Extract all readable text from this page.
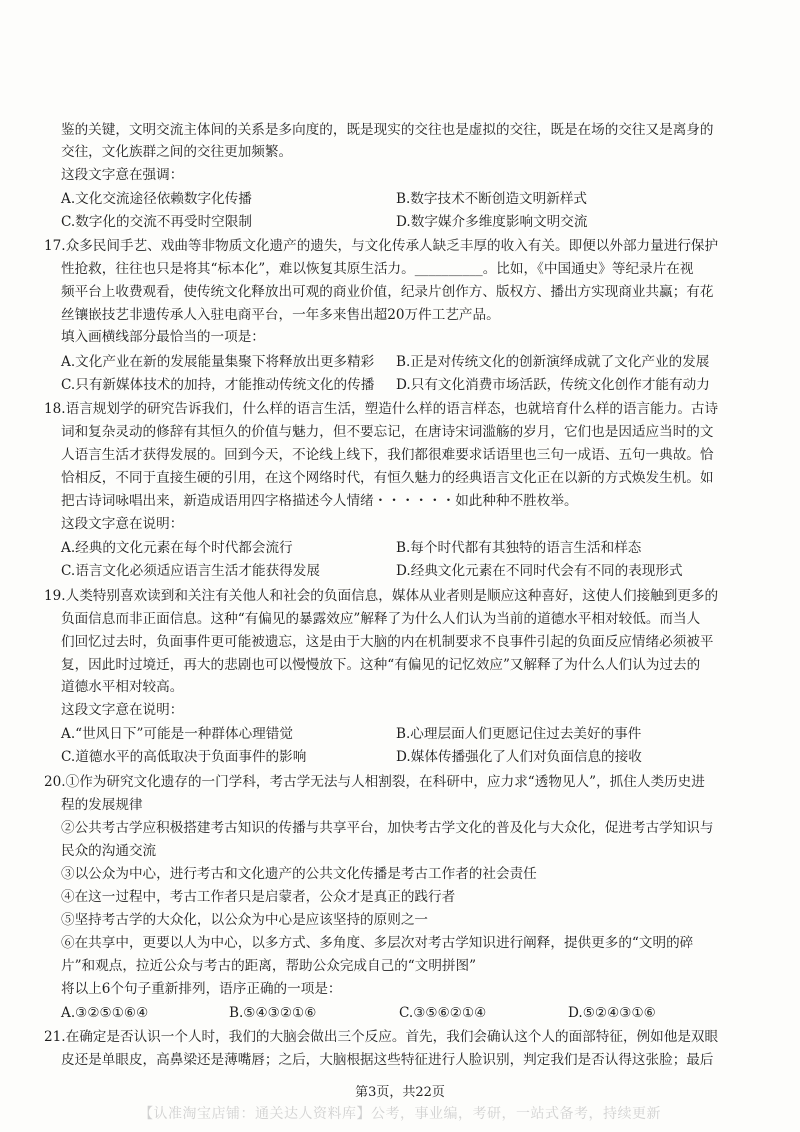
鉴的关键，文明交流主体间的关系是多向度的，既是现实的交往也是虚拟的交往，既是在场的交往又是离身的
交往，文化族群之间的交往更加频繁。
这段文字意在强调：
A.文化交流途径依赖数字化传播	B.数字技术不断创造文明新样式
C.数字化的交流不再受时空限制	D.数字媒介多维度影响文明交流
17.众多民间手艺、戏曲等非物质文化遗产的遗失，与文化传承人缺乏丰厚的收入有关。即便以外部力量进行保护
性抢救，往往也只是将其“标本化”，难以恢复其原生活力。__________。比如，《中国通史》等纪录片在视
频平台上收费观看，使传统文化释放出可观的商业价值，纪录片创作方、版权方、播出方实现商业共赢；有花
丝镶嵌技艺非遗传承人入驻电商平台，一年多来售出超20万件工艺产品。
填入画横线部分最恰当的一项是：
A.文化产业在新的发展能量集聚下将释放出更多精彩 B.正是对传统文化的创新演绎成就了文化产业的发展
C.只有新媒体技术的加持，才能推动传统文化的传播 D.只有文化消费市场活跃，传统文化创作才能有动力
18.语言规划学的研究告诉我们，什么样的语言生活，塑造什么样的语言样态，也就培育什么样的语言能力。古诗
词和复杂灵动的修辞有其恒久的价值与魅力，但不要忘记，在唐诗宋词滥觞的岁月，它们也是因适应当时的文
人语言生活才获得发展的。回到今天，不论线上线下，我们都很难要求话语里也三句一成语、五句一典故。恰
恰相反，不同于直接生硬的引用，在这个网络时代，有恒久魅力的经典语言文化正在以新的方式焕发生机。如
把古诗词咏唱出来，新造成语用四字格描述今人情绪・・・・・・如此种种不胜枚举。
这段文字意在说明：
A.经典的文化元素在每个时代都会流行	B.每个时代都有其独特的语言生活和样态
C.语言文化必须适应语言生活才能获得发展	D.经典文化元素在不同时代会有不同的表现形式
19.人类特别喜欢读到和关注有关他人和社会的负面信息，媒体从业者则是顺应这种喜好，这使人们接触到更多的
负面信息而非正面信息。这种“有偏见的暴露效应”解释了为什么人们认为当前的道德水平相对较低。而当人
们回忆过去时，负面事件更可能被遗忘，这是由于大脑的内在机制要求不良事件引起的负面反应情绪必须被平
复，因此时过境迁，再大的悲剧也可以慢慢放下。这种“有偏见的记忆效应”又解释了为什么人们认为过去的
道德水平相对较高。
这段文字意在说明：
A.“世风日下”可能是一种群体心理错觉	B.心理层面人们更愿记住过去美好的事件
C.道德水平的高低取决于负面事件的影响	D.媒体传播强化了人们对负面信息的接收
20.①作为研究文化遗存的一门学科，考古学无法与人相割裂，在科研中，应力求“透物见人”，抓住人类历史进
程的发展规律
②公共考古学应积极搭建考古知识的传播与共享平台，加快考古学文化的普及化与大众化，促进考古学知识与
民众的沟通交流
③以公众为中心，进行考古和文化遗产的公共文化传播是考古工作者的社会责任
④在这一过程中，考古工作者只是启蒙者，公众才是真正的践行者
⑤坚持考古学的大众化，以公众为中心是应该坚持的原则之一
⑥在共享中，更要以人为中心，以多方式、多角度、多层次对考古学知识进行阐释，提供更多的“文明的碎
片”和观点，拉近公众与考古的距离，帮助公众完成自己的“文明拼图”
将以上6个句子重新排列，语序正确的一项是：
A.③②⑤①⑥④	B.⑤④③②①⑥	C.③⑤⑥②①④	D.⑤②④③①⑥
21.在确定是否认识一个人时，我们的大脑会做出三个反应。首先，我们会确认这个人的面部特征，例如他是双眼
皮还是单眼皮，高鼻梁还是薄嘴唇；之后，大脑根据这些特征进行人脸识别，判定我们是否认得这张脸；最后
第3页，共22页
【认准淘宝店铺：通关达人资料库】公考，事业编，考研，一站式备考，持续更新
